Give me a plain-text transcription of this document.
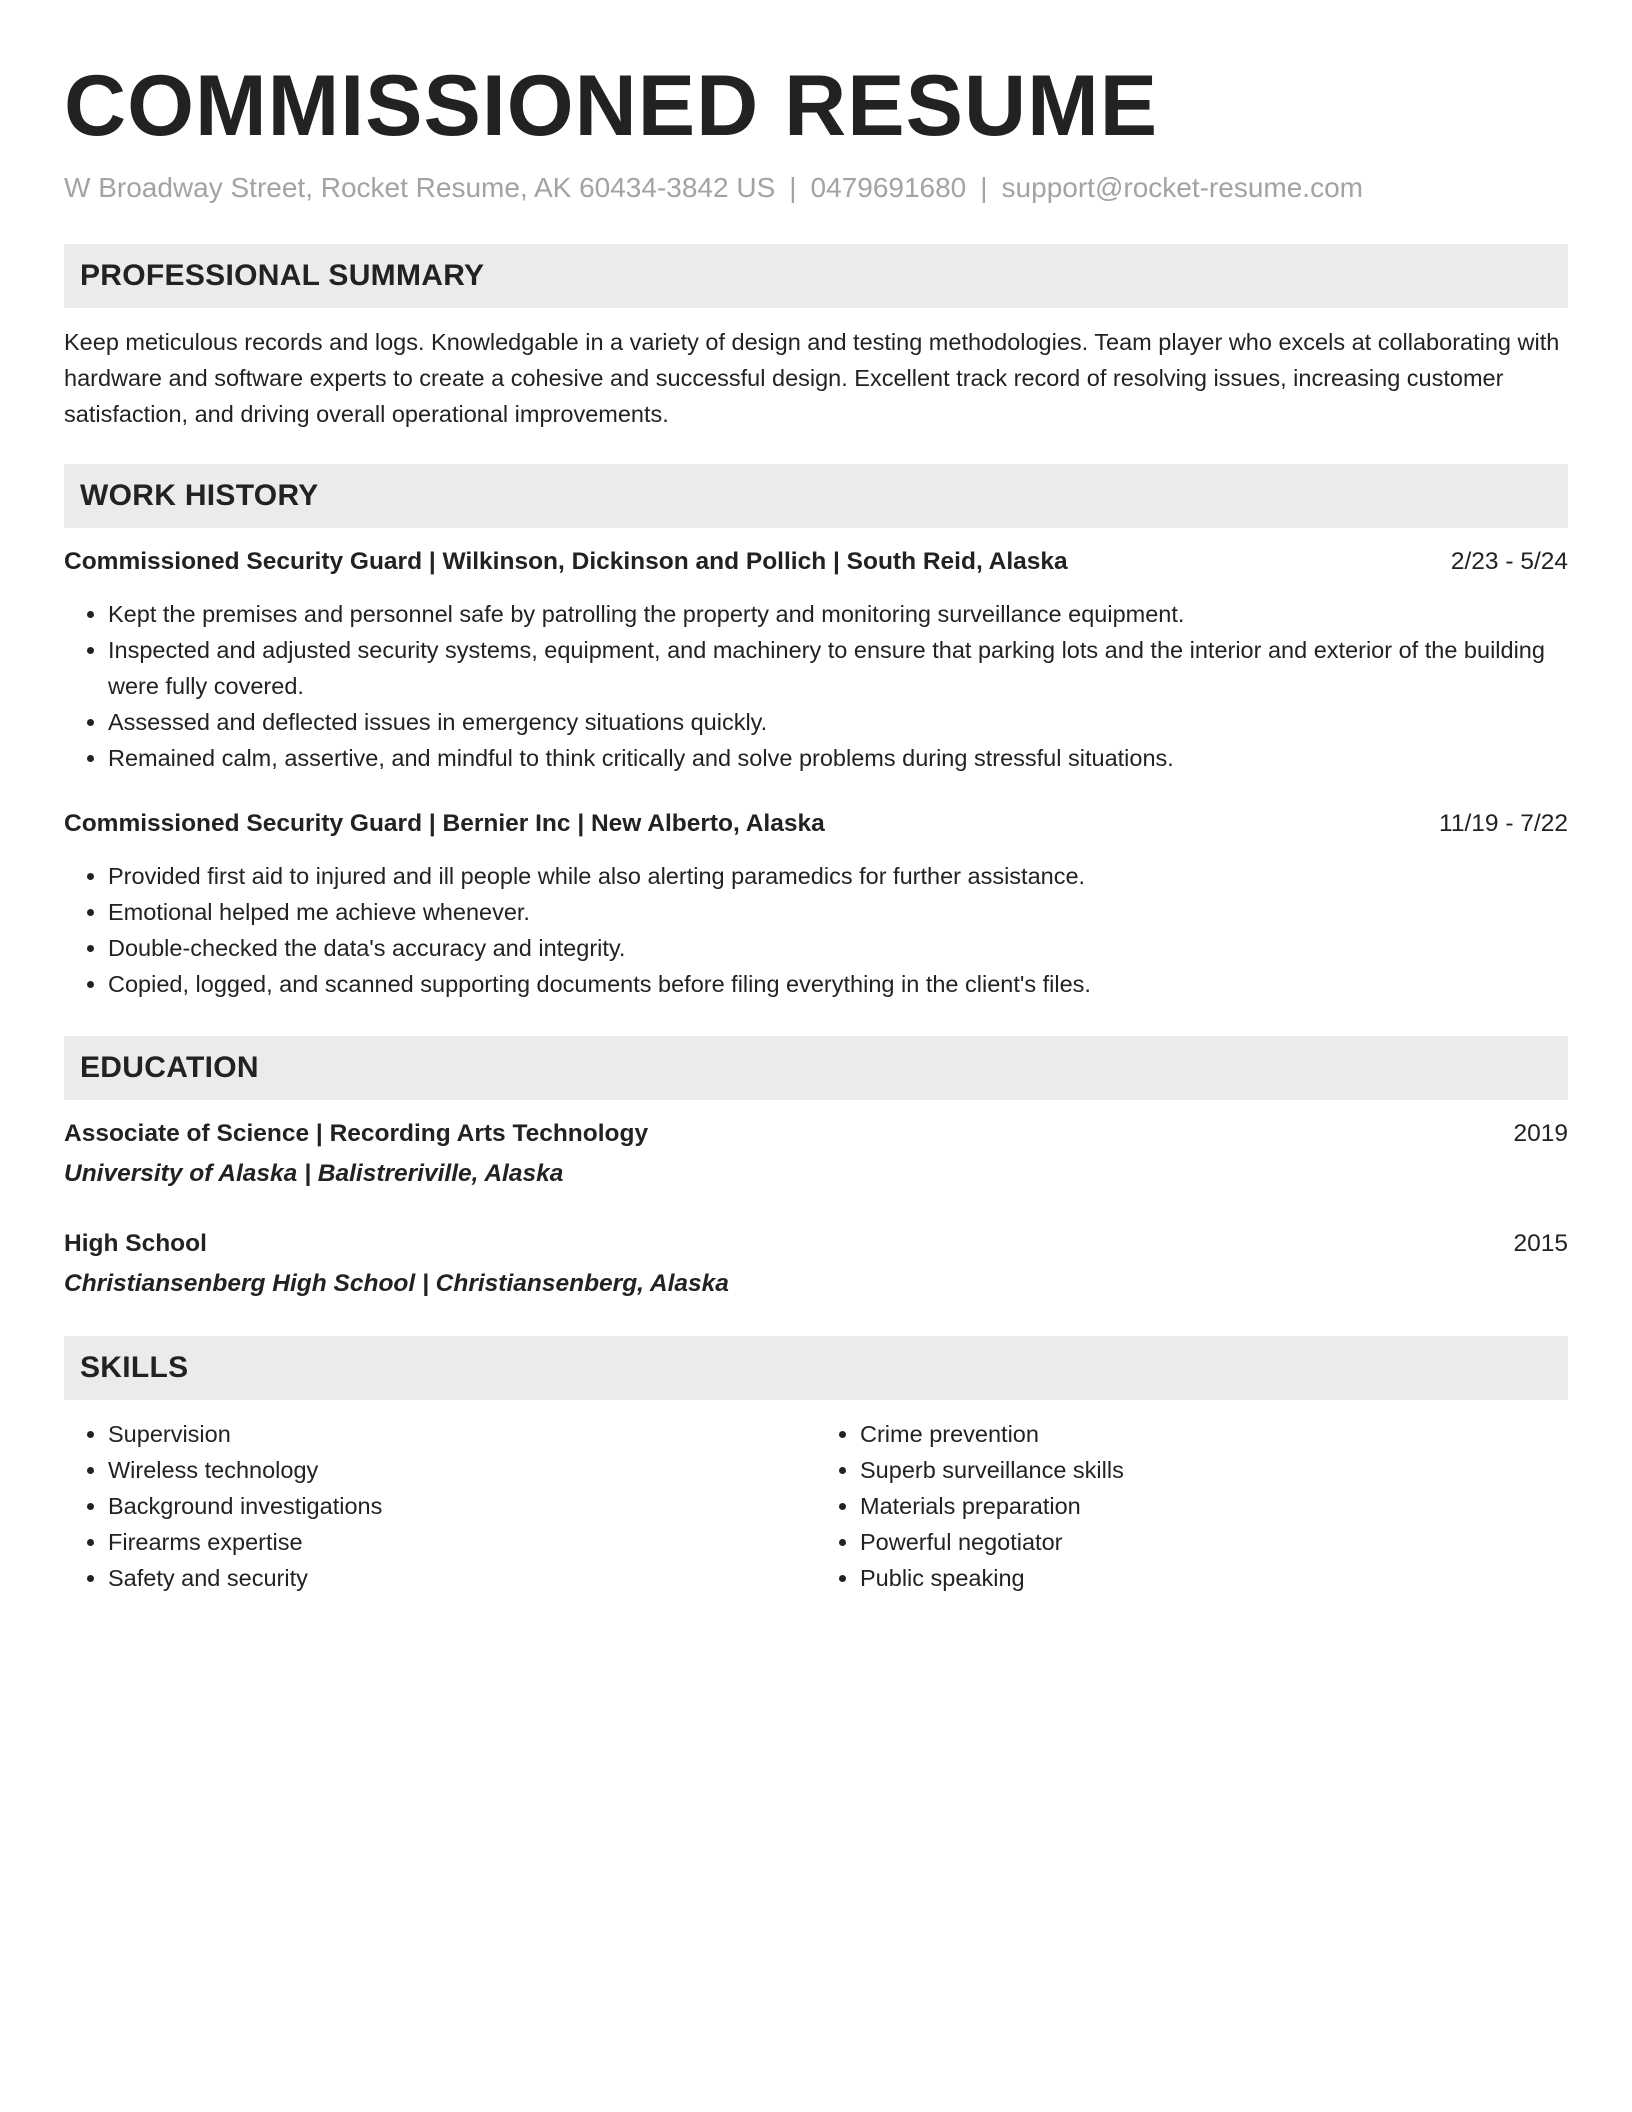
COMMISSIONED RESUME
W Broadway Street, Rocket Resume, AK 60434-3842 US | 0479691680 | support@rocket-resume.com
PROFESSIONAL SUMMARY
Keep meticulous records and logs. Knowledgable in a variety of design and testing methodologies. Team player who excels at collaborating with hardware and software experts to create a cohesive and successful design. Excellent track record of resolving issues, increasing customer satisfaction, and driving overall operational improvements.
WORK HISTORY
Commissioned Security Guard | Wilkinson, Dickinson and Pollich | South Reid, Alaska	2/23 - 5/24
• Kept the premises and personnel safe by patrolling the property and monitoring surveillance equipment.
• Inspected and adjusted security systems, equipment, and machinery to ensure that parking lots and the interior and exterior of the building were fully covered.
• Assessed and deflected issues in emergency situations quickly.
• Remained calm, assertive, and mindful to think critically and solve problems during stressful situations.
Commissioned Security Guard | Bernier Inc | New Alberto, Alaska	11/19 - 7/22
• Provided first aid to injured and ill people while also alerting paramedics for further assistance.
• Emotional helped me achieve whenever.
• Double-checked the data's accuracy and integrity.
• Copied, logged, and scanned supporting documents before filing everything in the client's files.
EDUCATION
Associate of Science | Recording Arts Technology	2019
University of Alaska | Balistreriville, Alaska
High School	2015
Christiansenberg High School | Christiansenberg, Alaska
SKILLS
• Supervision
• Wireless technology
• Background investigations
• Firearms expertise
• Safety and security
• Crime prevention
• Superb surveillance skills
• Materials preparation
• Powerful negotiator
• Public speaking
